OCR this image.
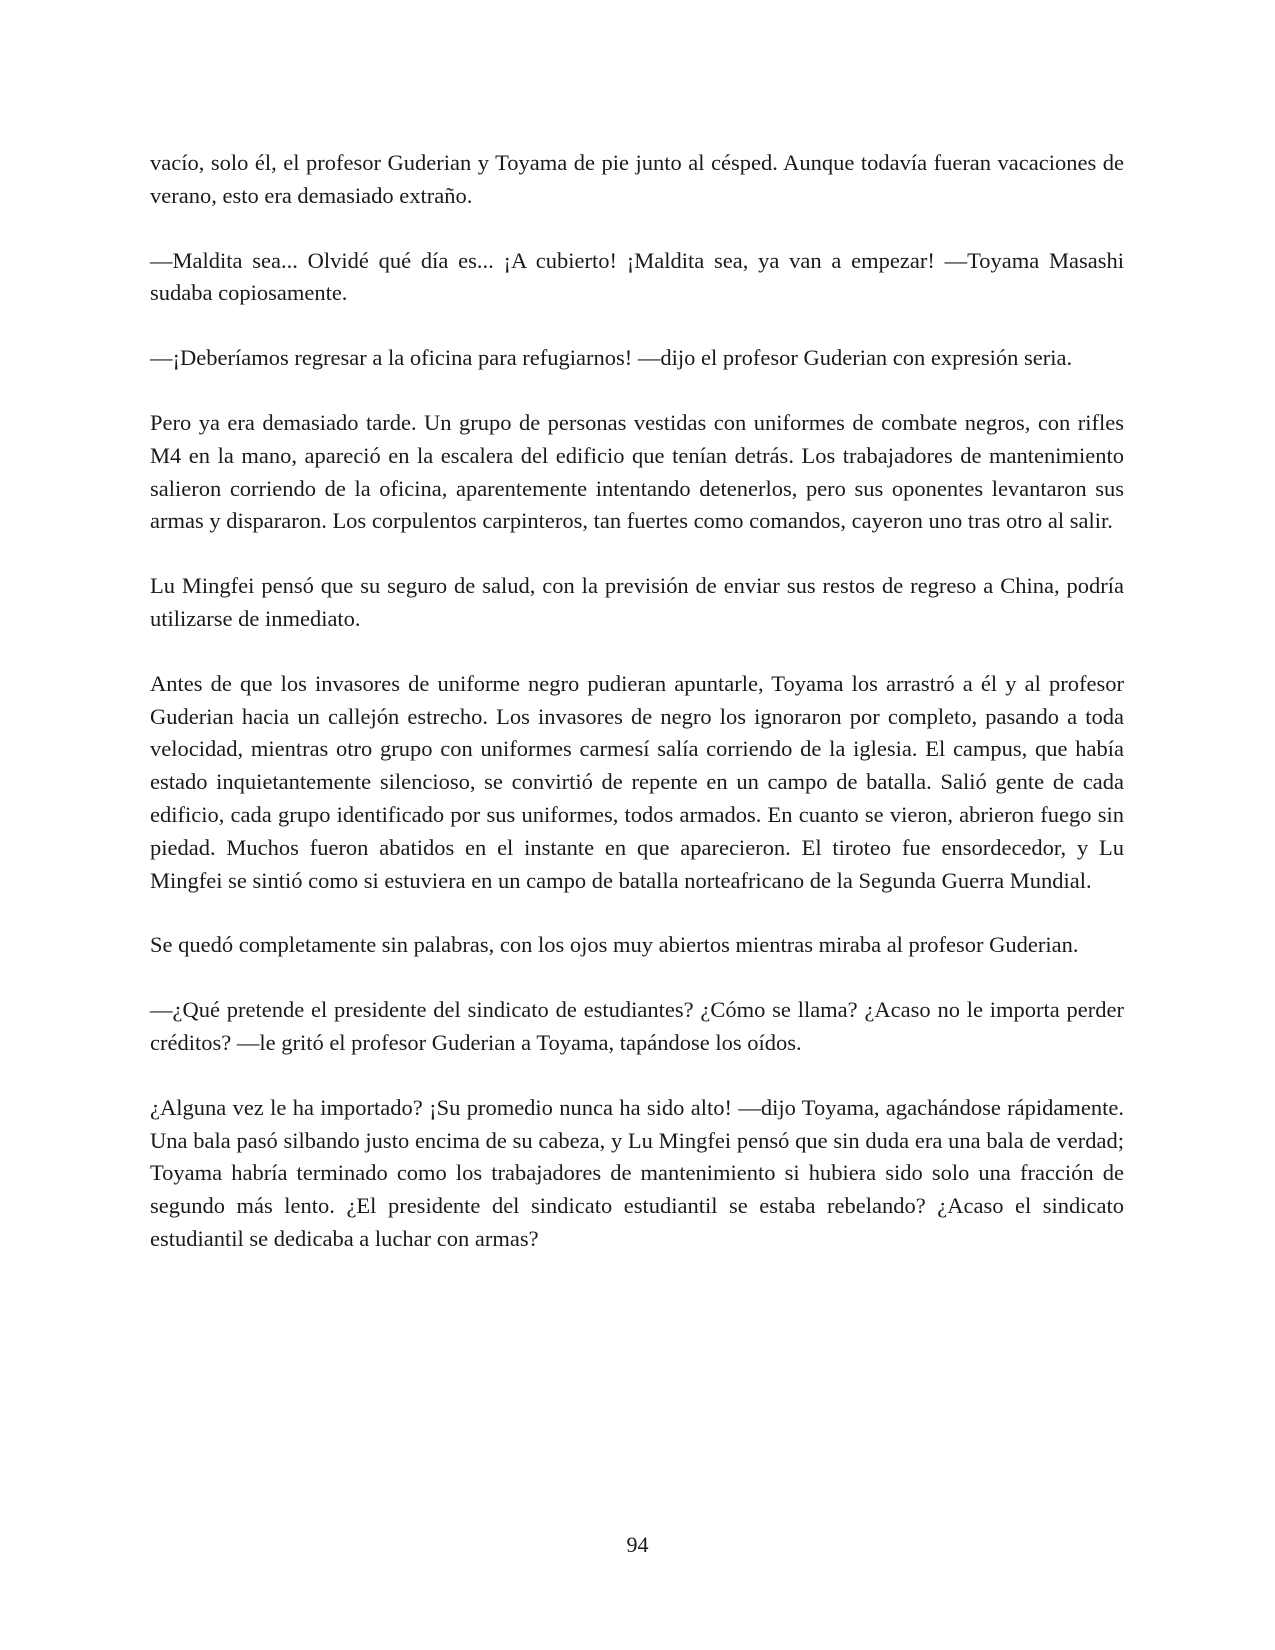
vacío, solo él, el profesor Guderian y Toyama de pie junto al césped. Aunque todavía fueran vacaciones de verano, esto era demasiado extraño.

—Maldita sea... Olvidé qué día es... ¡A cubierto! ¡Maldita sea, ya van a empezar! —Toyama Masashi sudaba copiosamente.

—¡Deberíamos regresar a la oficina para refugiarnos! —dijo el profesor Guderian con expresión seria.

Pero ya era demasiado tarde. Un grupo de personas vestidas con uniformes de combate negros, con rifles M4 en la mano, apareció en la escalera del edificio que tenían detrás. Los trabajadores de mantenimiento salieron corriendo de la oficina, aparentemente intentando detenerlos, pero sus oponentes levantaron sus armas y dispararon. Los corpulentos carpinteros, tan fuertes como comandos, cayeron uno tras otro al salir.

Lu Mingfei pensó que su seguro de salud, con la previsión de enviar sus restos de regreso a China, podría utilizarse de inmediato.

Antes de que los invasores de uniforme negro pudieran apuntarle, Toyama los arrastró a él y al profesor Guderian hacia un callejón estrecho. Los invasores de negro los ignoraron por completo, pasando a toda velocidad, mientras otro grupo con uniformes carmesí salía corriendo de la iglesia. El campus, que había estado inquietantemente silencioso, se convirtió de repente en un campo de batalla. Salió gente de cada edificio, cada grupo identificado por sus uniformes, todos armados. En cuanto se vieron, abrieron fuego sin piedad. Muchos fueron abatidos en el instante en que aparecieron. El tiroteo fue ensordecedor, y Lu Mingfei se sintió como si estuviera en un campo de batalla norteafricano de la Segunda Guerra Mundial.

Se quedó completamente sin palabras, con los ojos muy abiertos mientras miraba al profesor Guderian.

—¿Qué pretende el presidente del sindicato de estudiantes? ¿Cómo se llama? ¿Acaso no le importa perder créditos? —le gritó el profesor Guderian a Toyama, tapándose los oídos.

¿Alguna vez le ha importado? ¡Su promedio nunca ha sido alto! —dijo Toyama, agachándose rápidamente. Una bala pasó silbando justo encima de su cabeza, y Lu Mingfei pensó que sin duda era una bala de verdad; Toyama habría terminado como los trabajadores de mantenimiento si hubiera sido solo una fracción de segundo más lento. ¿El presidente del sindicato estudiantil se estaba rebelando? ¿Acaso el sindicato estudiantil se dedicaba a luchar con armas?

94
